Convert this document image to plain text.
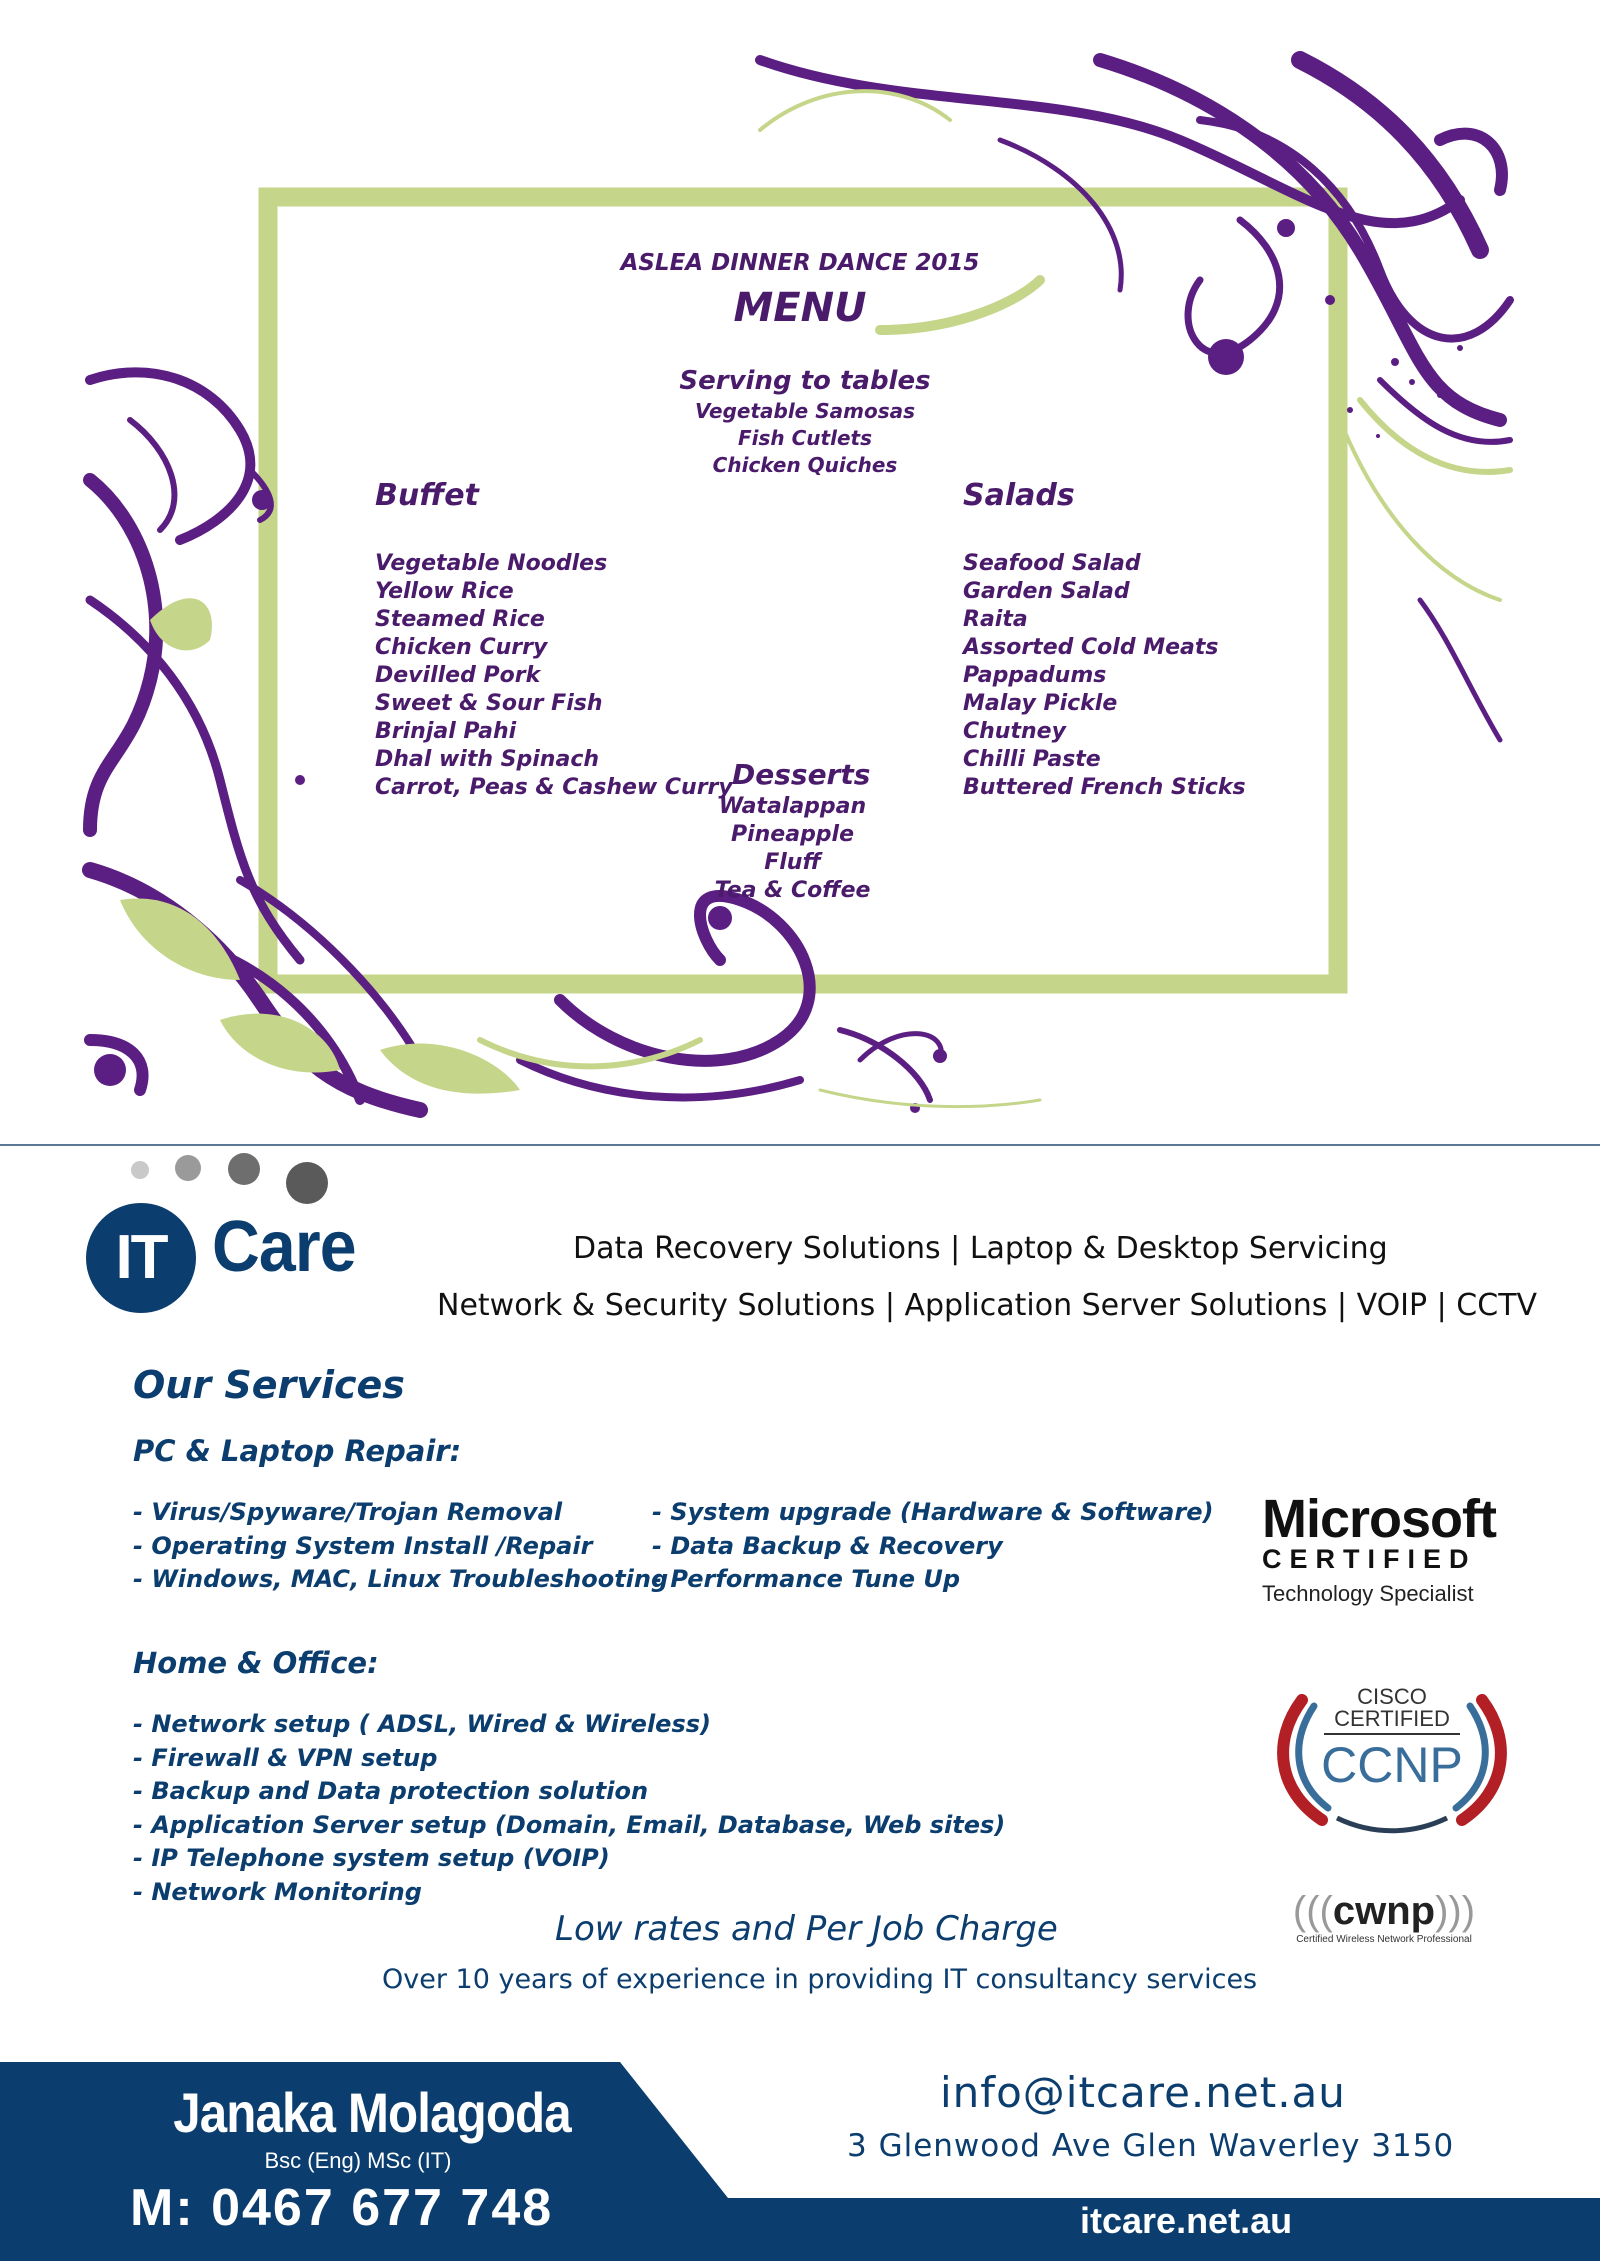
ASLEA DINNER DANCE 2015
MENU
Serving to tables
Vegetable Samosas
Fish Cutlets
Chicken Quiches
Buffet
Vegetable Noodles
Yellow Rice
Steamed Rice
Chicken Curry
Devilled Pork
Sweet & Sour Fish
Brinjal Pahi
Dhal with Spinach
Carrot, Peas & Cashew Curry
Salads
Seafood Salad
Garden Salad
Raita
Assorted Cold Meats
Pappadums
Malay Pickle
Chutney
Chilli Paste
Buttered French Sticks
Desserts
Watalappan
Pineapple Fluff
Tea & Coffee
IT Care	Data Recovery Solutions | Laptop & Desktop Servicing
Network & Security Solutions | Application Server Solutions | VOIP | CCTV
Our Services
PC & Laptop Repair:
- Virus/Spyware/Trojan Removal
- Operating System Install /Repair
- Windows, MAC, Linux Troubleshooting
- System upgrade (Hardware & Software)
- Data Backup & Recovery
- Performance Tune Up
Home & Office:
- Network setup ( ADSL, Wired & Wireless)
- Firewall & VPN setup
- Backup and Data protection solution
- Application Server setup (Domain, Email, Database, Web sites)
- IP Telephone system setup (VOIP)
- Network Monitoring
Low rates and Per Job Charge
Over 10 years of experience in providing IT consultancy services
Microsoft
CERTIFIED
Technology Specialist
CISCO
CERTIFIED
CCNP
(((cwnp)))
Certified Wireless Network Professional
Janaka Molagoda
Bsc (Eng) MSc (IT)
M: 0467 677 748
info@itcare.net.au
3 Glenwood Ave Glen Waverley 3150
itcare.net.au
